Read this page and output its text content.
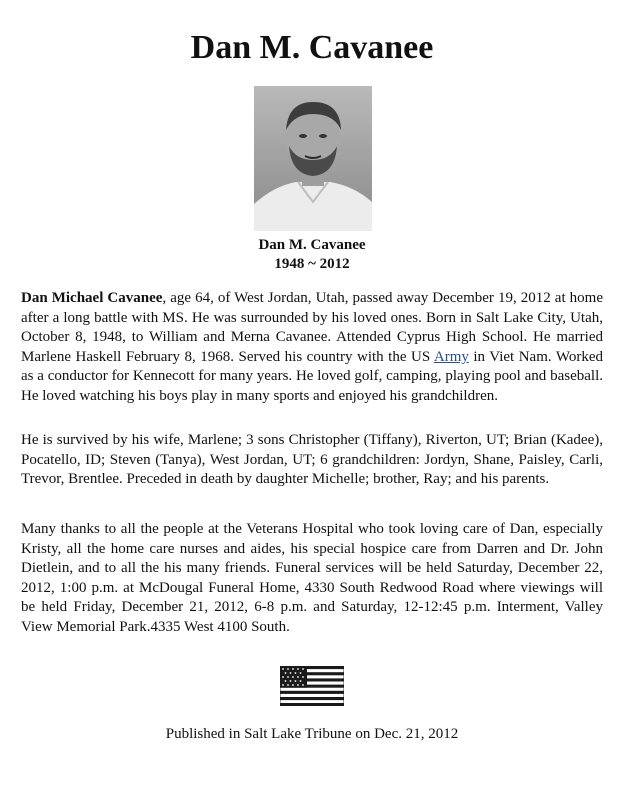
Dan M. Cavanee
Dan M. Cavanee
1948 ~ 2012

Dan Michael Cavanee, age 64, of West Jordan, Utah, passed away December 19, 2012 at home after a long battle with MS. He was surrounded by his loved ones. Born in Salt Lake City, Utah, October 8, 1948, to William and Merna Cavanee. Attended Cyprus High School. He married Marlene Haskell February 8, 1968. Served his country with the US Army in Viet Nam. Worked as a conductor for Kennecott for many years. He loved golf, camping, playing pool and baseball. He loved watching his boys play in many sports and enjoyed his grandchildren.

He is survived by his wife, Marlene; 3 sons Christopher (Tiffany), Riverton, UT; Brian (Kadee), Pocatello, ID; Steven (Tanya), West Jordan, UT; 6 grandchildren: Jordyn, Shane, Paisley, Carli, Trevor, Brentlee. Preceded in death by daughter Michelle; brother, Ray; and his parents.

Many thanks to all the people at the Veterans Hospital who took loving care of Dan, especially Kristy, all the home care nurses and aides, his special hospice care from Darren and Dr. John Dietlein, and to all the his many friends. Funeral services will be held Saturday, December 22, 2012, 1:00 p.m. at McDougal Funeral Home, 4330 South Redwood Road where viewings will be held Friday, December 21, 2012, 6-8 p.m. and Saturday, 12-12:45 p.m. Interment, Valley View Memorial Park.4335 West 4100 South.

Published in Salt Lake Tribune on Dec. 21, 2012
